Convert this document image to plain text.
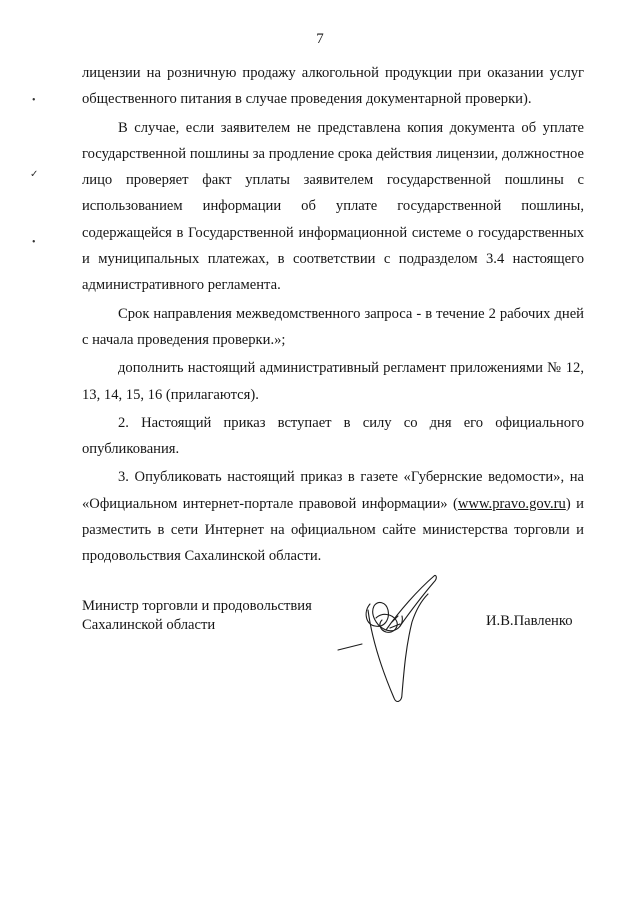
7
•
✓
•

лицензии на розничную продажу алкогольной продукции при оказании услуг общественного питания в случае проведения документарной проверки).

В случае, если заявителем не представлена копия документа об уплате государственной пошлины за продление срока действия лицензии, должностное лицо проверяет факт уплаты заявителем государственной пошлины с использованием информации об уплате государственной пошлины, содержащейся в Государственной информационной системе о государственных и муниципальных платежах, в соответствии с подразделом 3.4 настоящего административного регламента.

Срок направления межведомственного запроса - в течение 2 рабочих дней с начала проведения проверки.»;

дополнить настоящий административный регламент приложениями № 12, 13, 14, 15, 16 (прилагаются).

2. Настоящий приказ вступает в силу со дня его официального опубликования.

3. Опубликовать настоящий приказ в газете «Губернские ведомости», на «Официальном интернет-портале правовой информации» (www.pravo.gov.ru) и разместить в сети Интернет на официальном сайте министерства торговли и продовольствия Сахалинской области.

Министр торговли и продовольствия
Сахалинской области	И.В.Павленко
